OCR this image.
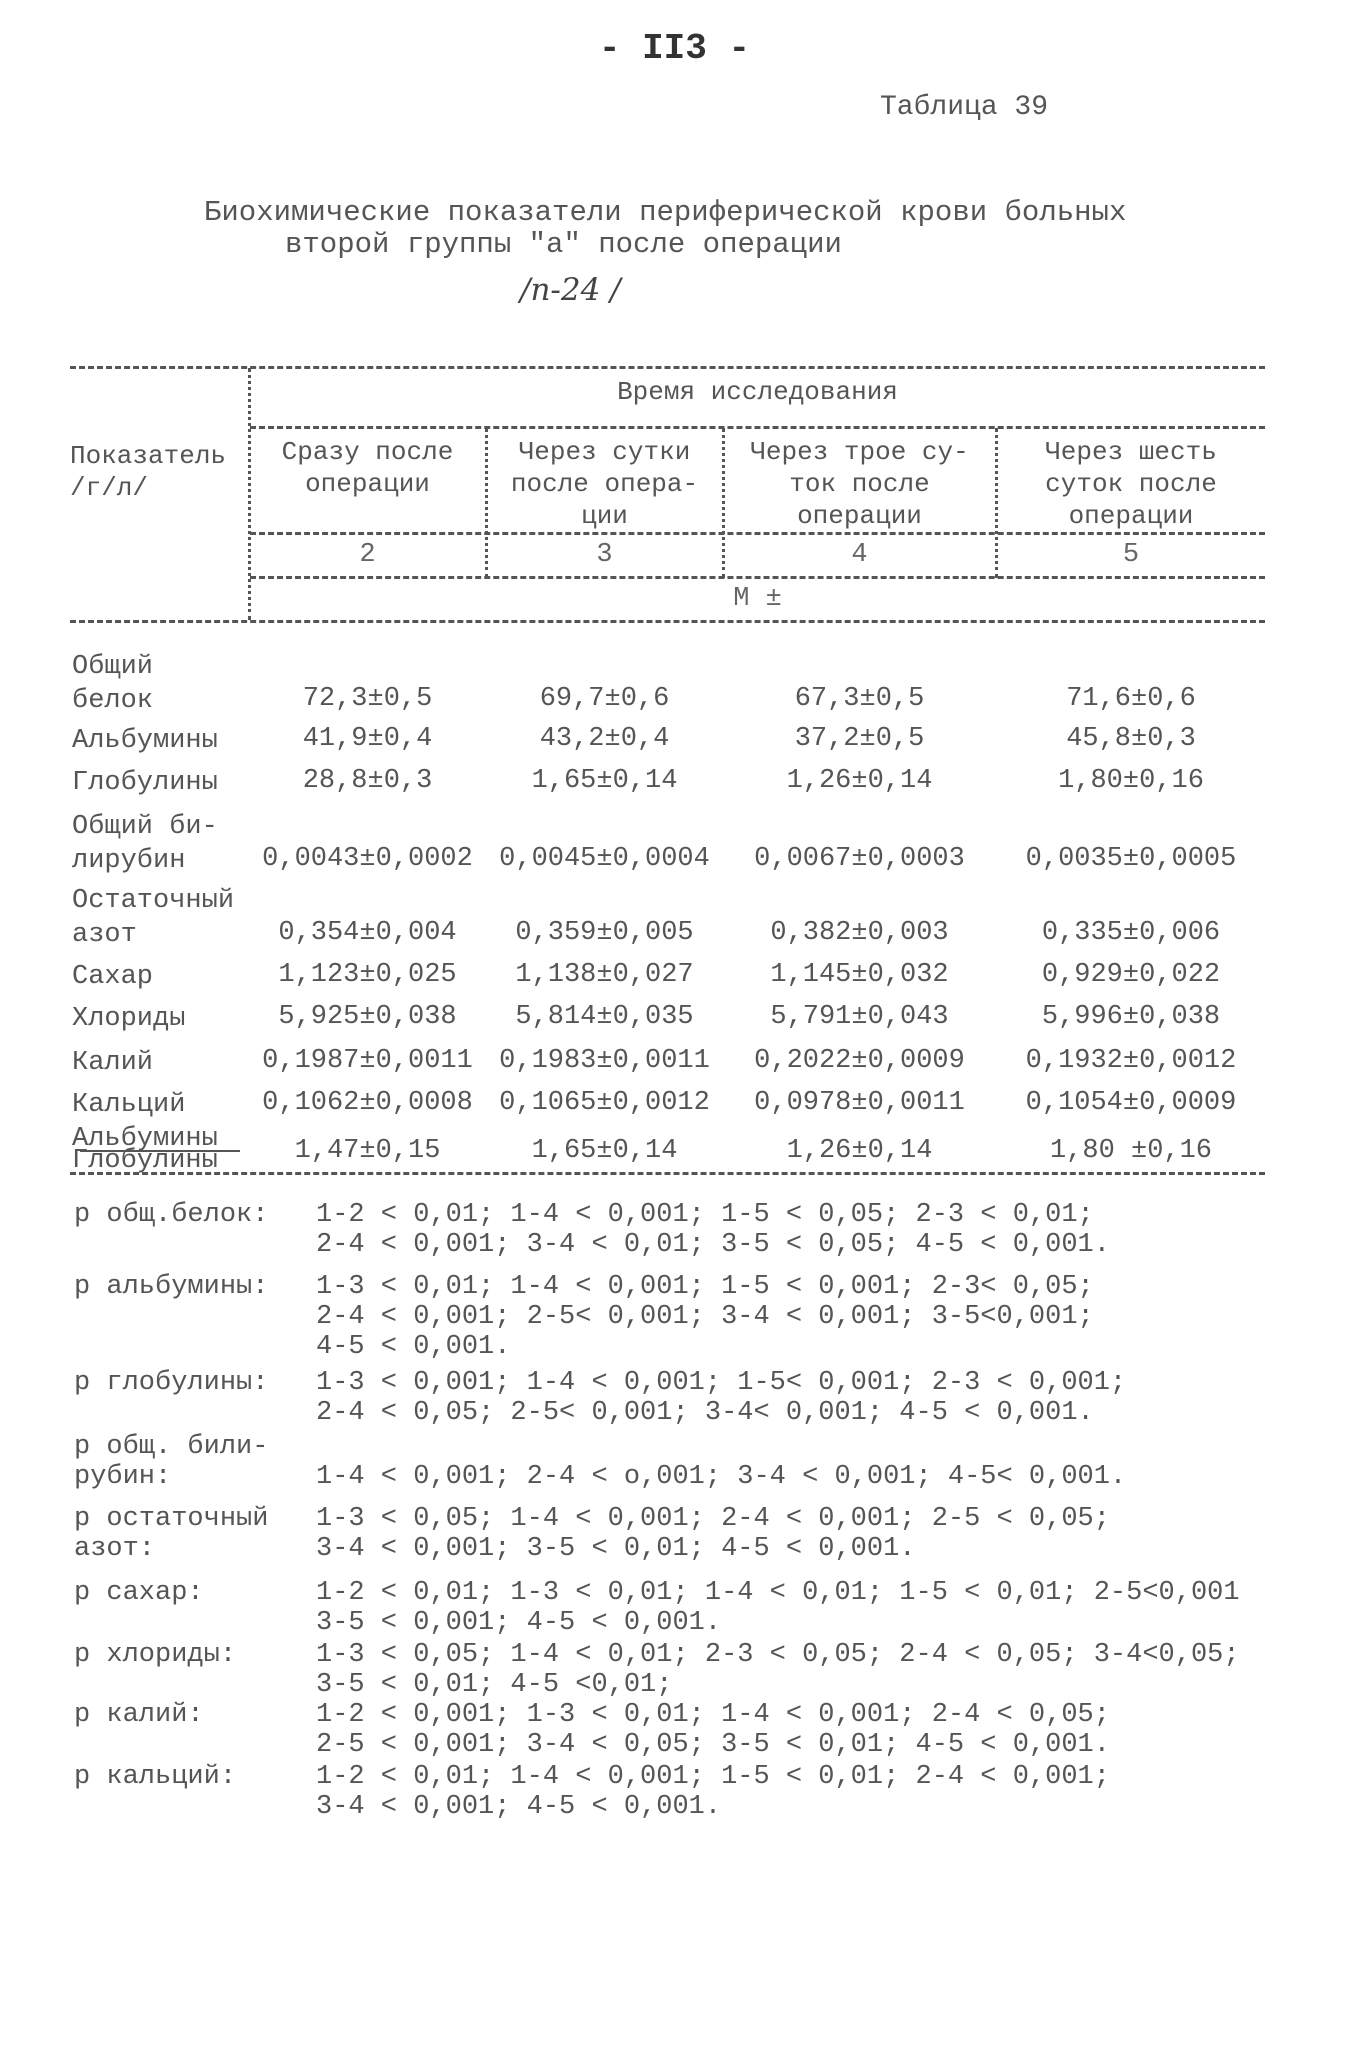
- II3 -
Таблица 39
Биохимические показатели периферической крови больных
второй группы "а" после операции
/n-24 /
Показатель
/г/л/
Время исследования
Сразу после
операции
Через сутки
после опера-
ции
Через трое су-
ток после
операции
Через шесть
суток после
операции
2	3	4	5
M ±
Общий
белок	72,3±0,5	69,7±0,6	67,3±0,5	71,6±0,6
Альбумины	41,9±0,4	43,2±0,4	37,2±0,5	45,8±0,3
Глобулины	28,8±0,3	1,65±0,14	1,26±0,14	1,80±0,16
Общий би-
лирубин	0,0043±0,0002 0,0045±0,0004	0,0067±0,0003	0,0035±0,0005
Остаточный
азот	0,354±0,004	0,359±0,005	0,382±0,003	0,335±0,006
Сахар	1,123±0,025	1,138±0,027	1,145±0,032	0,929±0,022
Хлориды	5,925±0,038	5,814±0,035	5,791±0,043	5,996±0,038
Калий	0,1987±0,0011 0,1983±0,0011	0,2022±0,0009	0,1932±0,0012
Кальций	0,1062±0,0008 0,1065±0,0012	0,0978±0,0011	0,1054±0,0009
Альбумины
Глобулины	1,47±0,15	1,65±0,14	1,26±0,14	1,80 ±0,16
р общ.белок: 1-2 < 0,01; 1-4 < 0,001; 1-5 < 0,05; 2-3 < 0,01;
2-4 < 0,001; 3-4 < 0,01; 3-5 < 0,05; 4-5 < 0,001.
р альбумины: 1-3 < 0,01; 1-4 < 0,001; 1-5 < 0,001; 2-3< 0,05;
2-4 < 0,001; 2-5< 0,001; 3-4 < 0,001; 3-5<0,001;
4-5 < 0,001.
р глобулины: 1-3 < 0,001; 1-4 < 0,001; 1-5< 0,001; 2-3 < 0,001;
2-4 < 0,05; 2-5< 0,001; 3-4< 0,001; 4-5 < 0,001.
р общ. били-
рубин:	
1-4 < 0,001; 2-4 < o,001; 3-4 < 0,001; 4-5< 0,001.
р остаточный
азот:
1-3 < 0,05; 1-4 < 0,001; 2-4 < 0,001; 2-5 < 0,05;
3-4 < 0,001; 3-5 < 0,01; 4-5 < 0,001.
р сахар:	1-2 < 0,01; 1-3 < 0,01; 1-4 < 0,01; 1-5 < 0,01; 2-5<0,001
3-5 < 0,001; 4-5 < 0,001.
р хлориды:	1-3 < 0,05; 1-4 < 0,01; 2-3 < 0,05; 2-4 < 0,05; 3-4<0,05;
3-5 < 0,01; 4-5 <0,01;
р калий:	1-2 < 0,001; 1-3 < 0,01; 1-4 < 0,001; 2-4 < 0,05;
2-5 < 0,001; 3-4 < 0,05; 3-5 < 0,01; 4-5 < 0,001.
р кальций:	1-2 < 0,01; 1-4 < 0,001; 1-5 < 0,01; 2-4 < 0,001;
3-4 < 0,001; 4-5 < 0,001.
